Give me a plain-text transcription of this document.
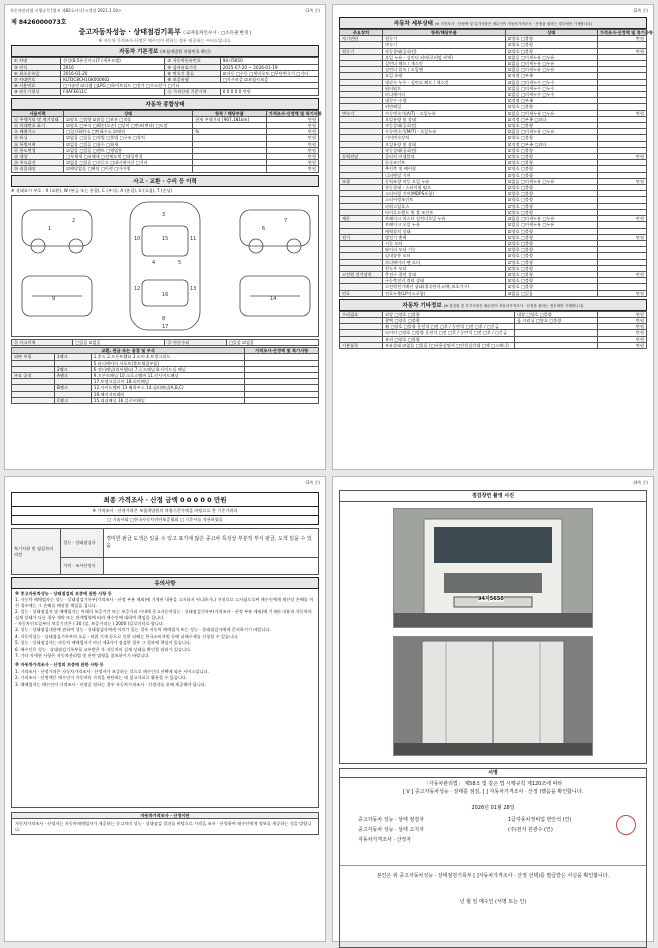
자동차관리법 시행규칙 [별지 제82호서식] <개정 2021.1.19>	(1쪽 중)
제 8426000073호
중고자동차성능 · 상태점검기록부 ( ☑자동차인수시 · □소유권 변경 )
※ 자동차 가격조사·산정은 매수인이 원하는 경우 제공하는 서비스입니다.
자동차 기본정보 (보험개발원 차량번호 확인)
① 차명	한성(8.5톤중카고)7 (세무모델)	② 자동차등록번호	94자5650
③ 연식	2016	④ 검사유효기간	2025-07-20 ~ 2026-01-19
⑤ 최초등록일	2016-01-20	⑥ 변속기 종류	☑자동 □수동 □세미오토 □무단변속기 □기타
⑦ 차대번호	KLTDC8CH1GK000602	⑧ 보증유형	□자가보증 ☑보험사보증
⑨ 사용연료	□가솔린 ☑디젤 □LPG □하이브리드 □전기 □수소전기 □기타		
⑩ 원동기형식	F4AFE611C	⑪ 가격산정 기준가격	0 0 0 0 0 만원
자동차 종합상태
사용이력	상태	항목 / 해당부품	가격조사·산정액 및 특기사항
⑫ 주행거리 및 계기상태	☑양호 □불량 ☑많음 □보통 □적음	현재 주행거리 [967,181km]	만원
⑬ 차대번호 표기	☑양호 □부식 □훼손(오손) □상이 □변조(변타) □도말		만원
⑭ 배출가스	□일산화탄소 □탄화수소 ☑매연	%	만원
⑮ 튜닝	☑없음 □있음 □적법 □불법 □구조 □장치		만원
⑯ 특별이력	☑없음 □있음 □침수 □화재		만원
⑰ 용도변경	☑없음 □있음 □렌트 □영업용		만원
⑱ 색상	□무채색 □유채색 □전체도색 □색상변경		만원
⑲ 주요옵션	☑없음 □있음 □선루프 □네비게이션 □기타		만원
⑳ 리콜대상	☑해당없음 □해당 □이행 □미이행		만원
사고 · 교환 · 수리 등 이력
※ 상태표시 부호 : X (교환), W (판금 또는 용접), C (부식), A (흠집), U (요철), T (손상)
1
2
3
4	5
6
7
8
9
10	11
12	13
14
15
16
17
㉑ 사고이력	□있음 ☑없음	㉒ 단순수리	□있음 ☑없음
교환, 판금 또는 용접 및 부식			가격조사·산정액 및 특기사항
외판 부위	1랭크	1.후드 2.프론트휀더 3.도어 4.트렁크리드	
		5.라디에이터 서포트(볼트체결부품)	
	2랭크	6.쿼터패널(리어휀더) 7.루프패널 8.사이드실 패널	
주요 골격	A랭크	9.프론트패널 10.크로스멤버 11.인사이드패널	
		17.트렁크플로어 18.리어패널	
	B랭크	12.사이드멤버 13.휠하우스 14.필러패널(A,B,C)	
		19.패키지트레이	
	C랭크	15.대쉬패널 16.플로어패널	
(2쪽 중)
자동차 세부상태 (※ 가격조사 · 산정액 및 특기사항은 매수인이 자동차가격조사 · 산정을 원하는 경우에만 기재합니다)
주요장치	항목/해당부품	상태	가격조사·산정액 및 특기사항
자기진단	원동기	☑양호 □불량	만원
	변속기	☑양호 □불량	
원동기	작동상태(공회전)	☑양호 □불량	만원
	오일 누유 - 실린더 커버(로커암 커버)	☑없음 □미세누유 □누유	
	실린더 헤드 / 개스킷	☑없음 □미세누유 □누유	
	실린더 블록 / 오일팬	☑없음 □미세누유 □누유	
	오일 유량	☑적정 □부족	
	냉각수 누수 - 실린더 헤드 / 개스킷	☑없음 □미세누수 □누수	
	워터펌프	☑없음 □미세누수 □누수	
	라디에이터	☑없음 □미세누수 □누수	
	냉각수 수량	☑적정 □부족	
	커먼레일	☑양호 □불량	
변속기	자동변속기(A/T) - 오일누유	☑없음 □미세누유 □누유	만원
	오일유량 및 상태	☑적정 □부족 □과다	
	작동상태(공회전)	☑양호 □불량	
	수동변속기(M/T) - 오일누유	☑없음 □미세누유 □누유	
	기어변속장치	☑양호 □불량	
	오일유량 및 상태	☑적정 □부족 □과다	
	작동상태(공회전)	☑양호 □불량	
동력전달	클러치 어셈블리	☑양호 □불량	만원
	등속조인트	☑양호 □불량	
	추진축 및 베어링	☑양호 □불량	
	디퍼렌셜 기어	☑양호 □불량	
조향	동력조향 작동 오일 누유	☑없음 □미세누유 □누유	만원
	작동상태 - 스티어링 펌프	☑양호 □불량	
	스티어링 기어(MDPS포함)	☑양호 □불량	
	스티어링조인트	☑양호 □불량	
	파워고압호스	☑양호 □불량	
	타이로드엔드 및 볼 조인트	☑양호 □불량	
제동	브레이크 마스터 실린더오일 누유	☑없음 □미세누유 □누유	만원
	브레이크 오일 누유	☑없음 □미세누유 □누유	
	배력장치 상태	☑양호 □불량	
전기	발전기 출력	☑양호 □불량	만원
	시동 모터	☑양호 □불량	
	와이퍼 모터 기능	☑양호 □불량	
	실내송풍 모터	☑양호 □불량	
	라디에이터 팬 모터	☑양호 □불량	
	윈도우 모터	☑양호 □불량	
고전원 전기장치	충전구 절연 상태	☑양호 □불량	만원
	구동축전지 격리 상태	☑양호 □불량	
	고전원전기배선 상태(접속단자,피복,보호기구)	☑양호 □불량	
연료	연료누출(LP가스포함)	☑없음 □있음	만원
자동차 기타정보 (※ 점검원 및 특기사항은 매수인이 자동차가격조사 · 산정을 원하는 경우에만 기재합니다)
수리필요	외장 □양호 □불량	내장 □양호 □불량	만원
	광택 □양호 □불량	룸 크리닝 □양호 □불량	만원
	휠 □양호 □불량 운전석 □전 □후 / 동반석 □전 □후 / □응급		만원
	타이어 □양호 □불량 운전석 □전 □후 / 동반석 □전 □후 / □응급		만원
	유리 □양호 □불량		만원
기본품목	보유상태 ☑없음 □있음 (□사용설명서 □안전삼각대 □잭 □스패너)		만원
(3쪽 중)
최종 가격조사 · 산정 금액 0 0 0 0 0 만원
※ 가격조사 · 산정가격은 보험개발원의 차량기준가액을 바탕으로 한 기준가격과
□ 기술사회 □한국자동차진단보증협회 □ 기준서를 적용하였음
특기사항 및 점검자의 의견	성능 · 상태점검자	경미한 판금 도색은 있을 수 있고 표기에 않은 중고차 특성상 부분적 부식 판금, 도색 있을 수 있음
	가격 · 조사산정자	
유의사항
※ 중고자동차성능 · 상태점검의 보증에 관한 사항 등
1. 자동차 매매업자는 성능 · 상태점검기록부(가격조사 · 산정 부분 제외)에 기재된 내용을 고지하지 아니하거나 거짓으로 고지함으로써 매수인에게 재산상 손해를 끼친 경우에는 그 손해를 배상할 책임을 집니다.
2. 성능 · 상태점검자 및 매매업자는 아래의 보증기간 또는 보증거리 이내에 중고자동차성능 · 상태점검기록부(가격조사 · 산정 부분 제외)에 기재된 내용과 자동차의 실제 상태가 다른 경우 계약 또는 관계법령에 따라 매수인에 대하여 책임을 집니다.
- 자동차인도일부터 보증기간은 ( 30 )일, 보증거리는 ( 2000 )킬로미터로 합니다.
3. 성능 · 상태점검내용에 관하여 성능 · 상태점검자에게 이의가 있는 경우 자동차 매매업자 또는 성능 · 상태점검자에게 문의하시기 바랍니다.
4. 자동차성능 · 상태점검기록부의 오류 · 허위 기재 등으로 인한 피해는 한국소비자원 등에 피해구제를 신청할 수 있습니다.
5. 성능 · 상태점검자는 자동차 매매업자가 아닌 제3자가 점검한 경우 그 결과에 책임이 있습니다.
6. 매수인은 성능 · 상태점검기록부를 교부받은 후 자동차의 실제 상태를 확인할 권리가 있습니다.
7. 기타 자세한 사항은 자동차관리법 및 관련 법령을 참조하시기 바랍니다.
※ 자동차가격조사 · 산정의 보증에 관한 사항 등
1. 가격조사 · 산정가격은 자동차가격조사 · 산정자가 보증하는 것으로 매수인의 선택에 따른 서비스입니다.
2. 가격조사 · 산정액은 매수인이 자동차의 가격을 판단하는 데 참고자료로 활용할 수 있습니다.
3. 매매업자는 매수인이 가격조사 · 산정을 원하는 경우 자동차가격조사 · 산정자를 통해 제공해야 합니다.
자동차가격조사 · 산정이란
자동차가격조사 · 산정자는 자동차매매업자가 제공하는 중고차의 성능 · 상태점검 결과를 바탕으로 가격을 조사 · 산정하여 매수인에게 정보를 제공하는 것을 말합니다.
(4쪽 중)
점검장면 촬영 사진
94자5650
서명
「자동차관리법」 제58조 및 같은 법 시행규칙 제120조에 따라
[ V ] 중고자동차성능 · 상태를 점검, [ ] 자동차가격조사 · 산정 )했음을 확인합니다.
2026년 01월 28일
중고자동차 성능 · 상태 점검자	1급자동차정비업 반안석 (인)
중고자동차 성능 · 상태 고지자	(주)천지 원광수 (인)
자동차가격조사 · 산정자
본인은 위 중고자동차성능 · 상태점검기록부 [ ]자동차가격조사 · 산정 선택)를 발급받은 사실을 확인합니다.
년 월 일 매수인 (서명 또는 인)
